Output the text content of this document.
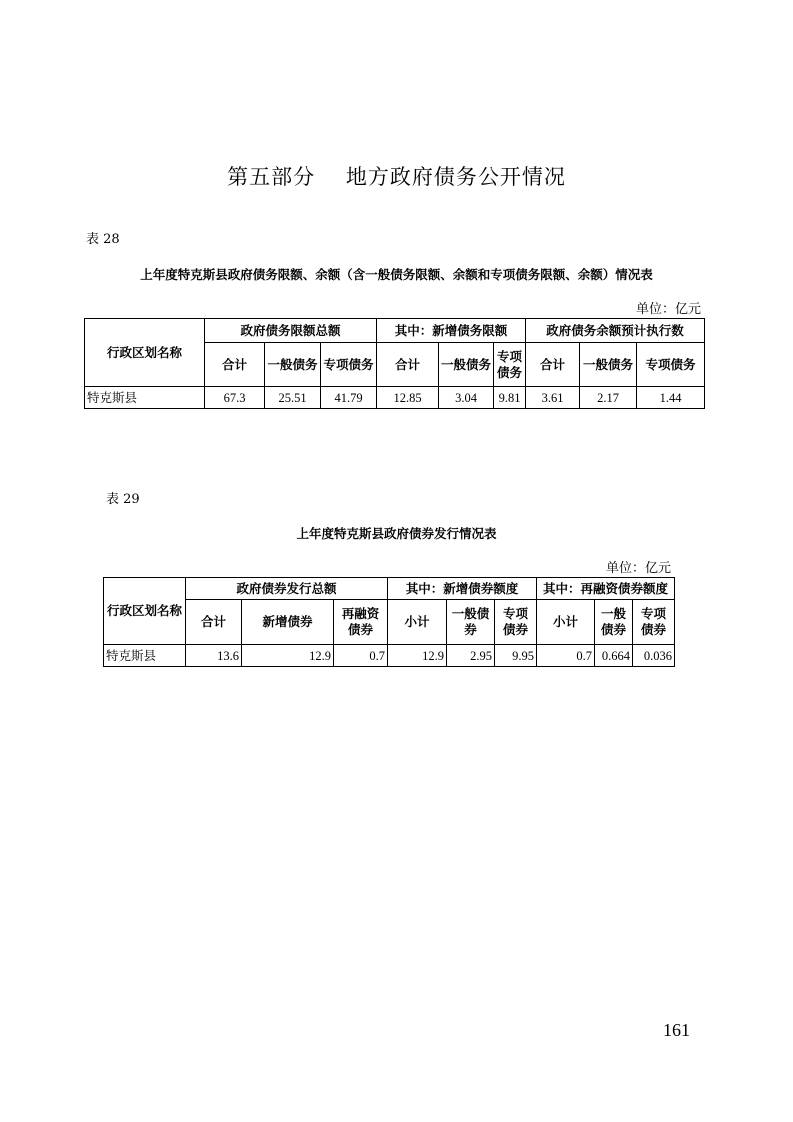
第五部分    地方政府债务公开情况
表 28
上年度特克斯县政府债务限额、余额（含一般债务限额、余额和专项债务限额、余额）情况表
单位：亿元
行政区划名称	政府债务限额总额			其中：新增债务限额			政府债务余额预计执行数		
	合计	一般债务	专项债务	合计	一般债务	专项债务	合计	一般债务	专项债务
特克斯县	67.3	25.51	41.79	12.85	3.04	9.81	3.61	2.17	1.44
表 29
上年度特克斯县政府债券发行情况表
单位：亿元
行政区划名称	政府债券发行总额			其中：新增债券额度			其中：再融资债券额度		
	合计	新增债券	再融资债券	小计	一般债券	专项债券	小计	一般债券	专项债券
特克斯县	13.6	12.9	0.7	12.9	2.95	9.95	0.7	0.664	0.036
161
